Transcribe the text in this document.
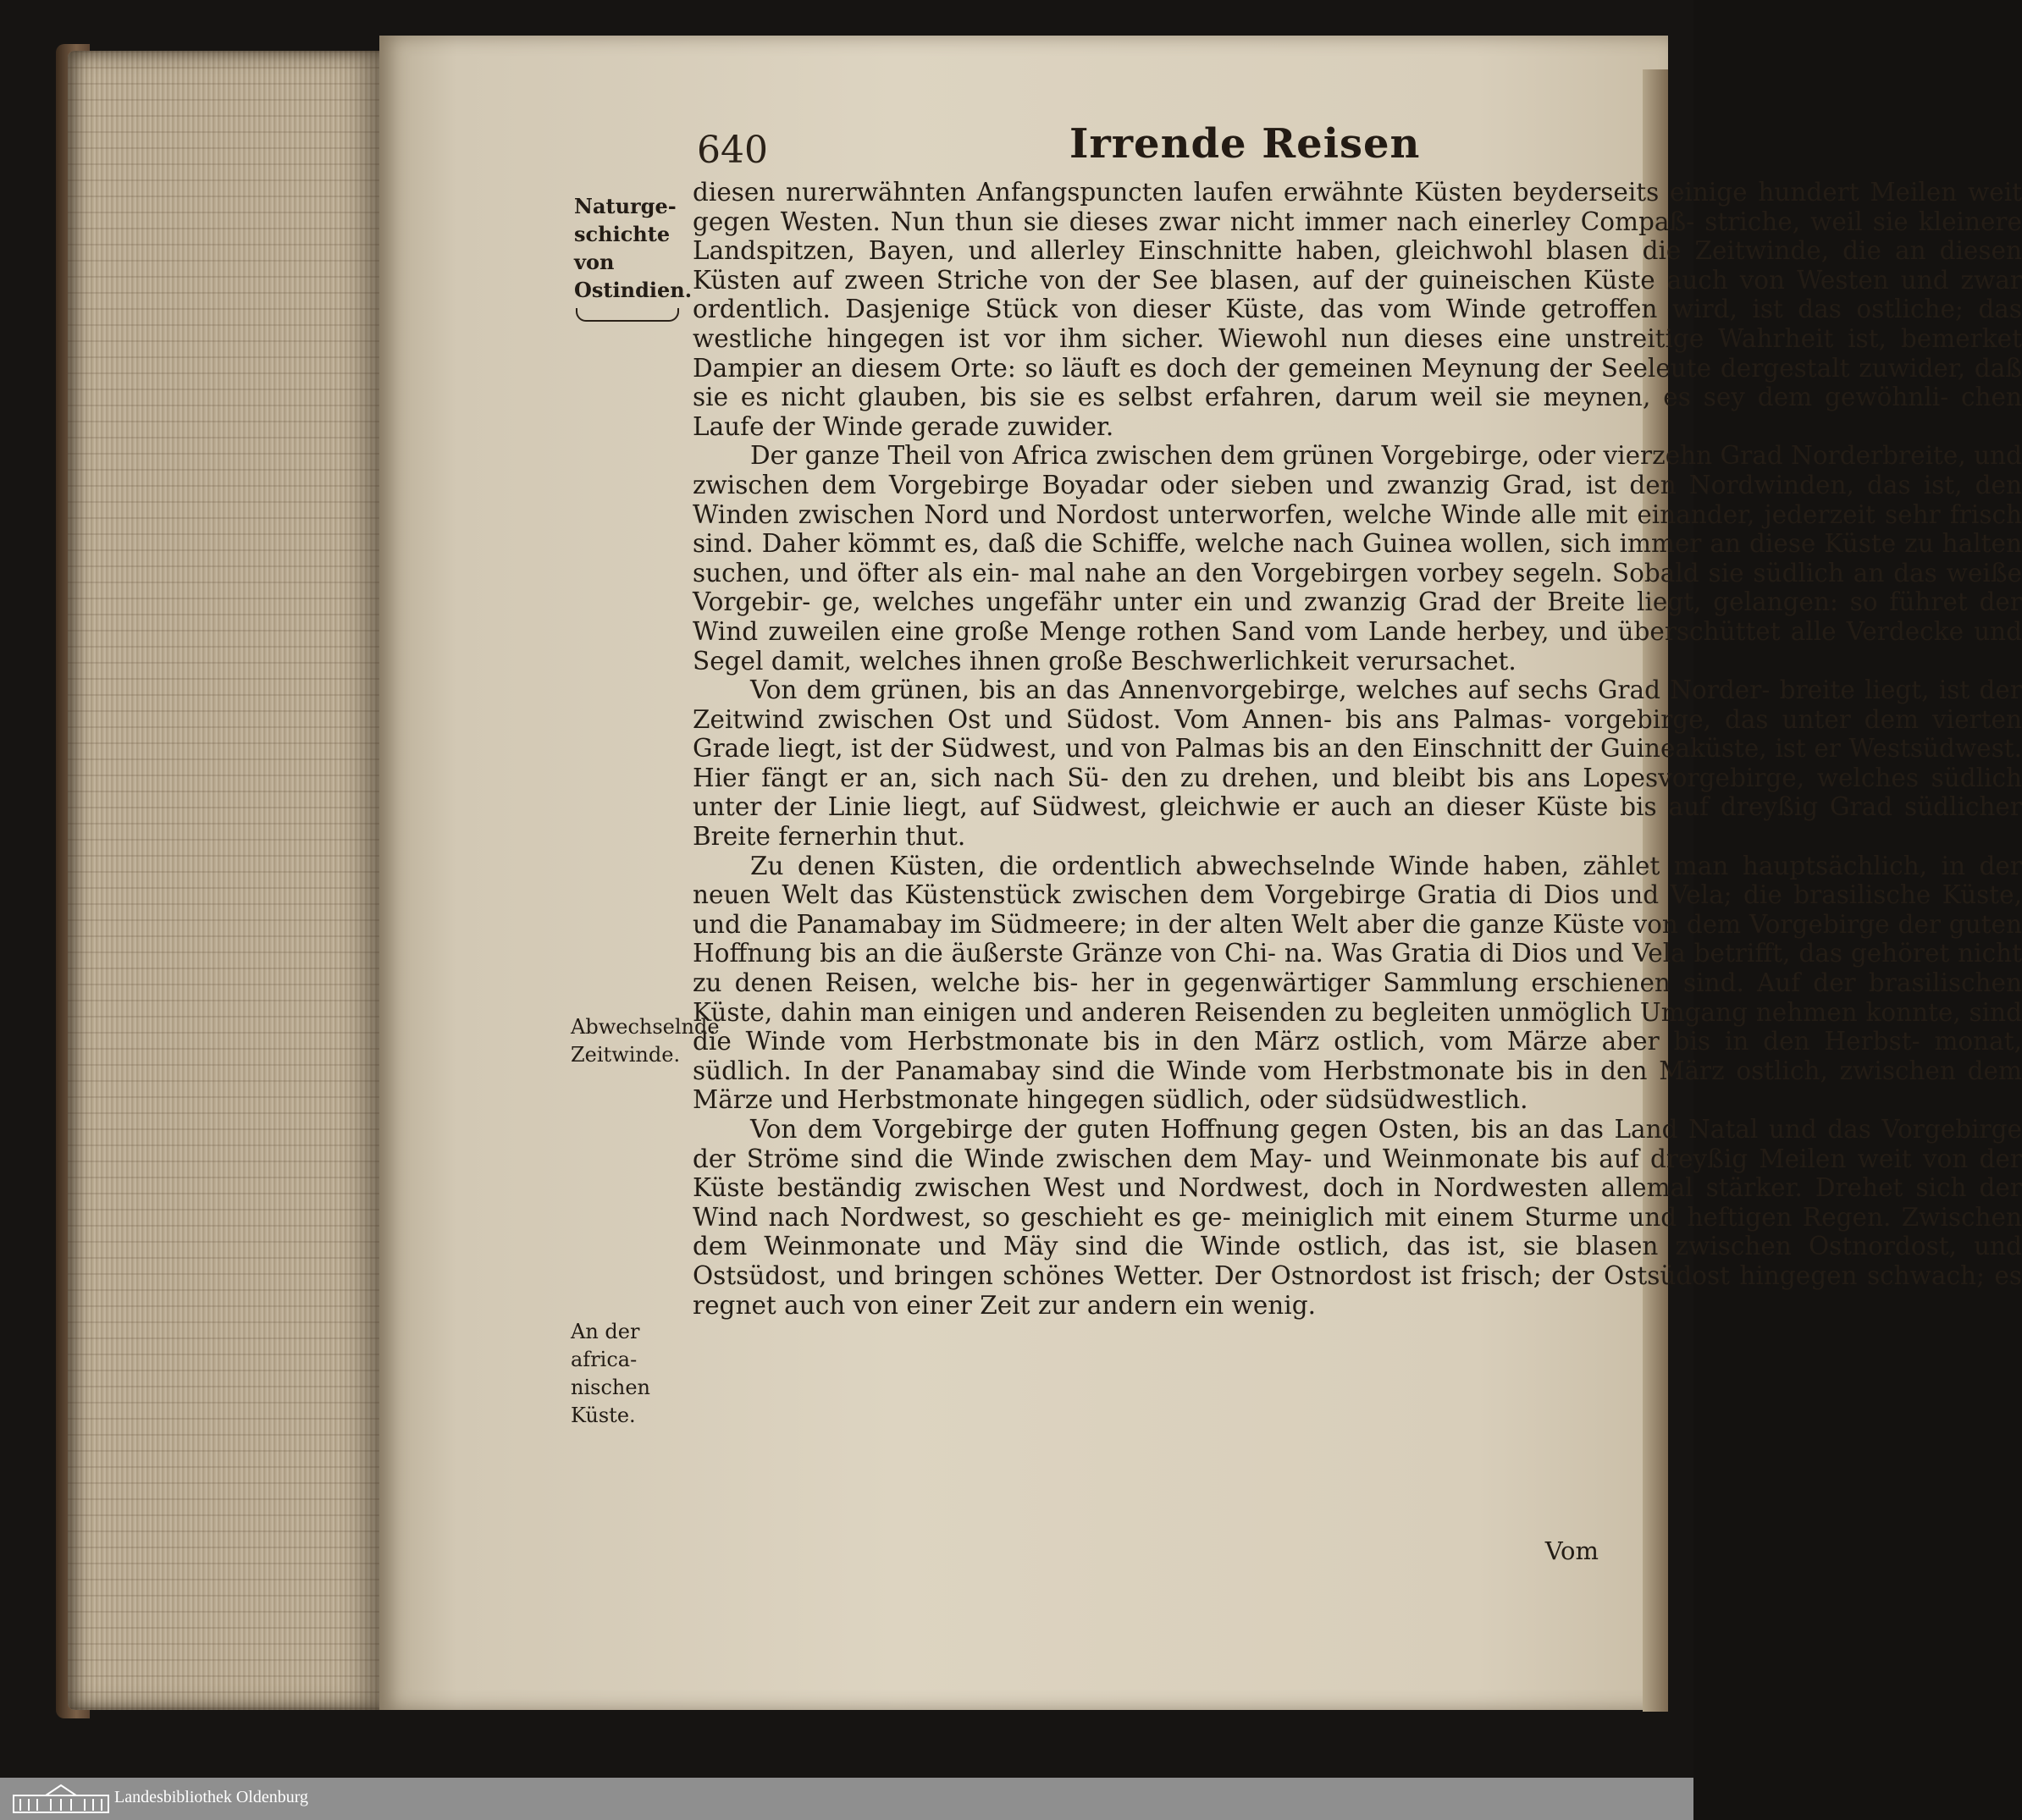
640	Irrende Reisen
Naturge- schichte von Ostindien.
Abwechselnde Zeitwinde.
An der africa- nischen Küste.

diesen nurerwähnten Anfangspuncten laufen erwähnte Küsten beyderseits einige hundert Meilen weit gegen Westen. Nun thun sie dieses zwar nicht immer nach einerley Compaß- striche, weil sie kleinere Landspitzen, Bayen, und allerley Einschnitte haben, gleichwohl blasen die Zeitwinde, die an diesen Küsten auf zween Striche von der See blasen, auf der guineischen Küste auch von Westen und zwar ordentlich. Dasjenige Stück von dieser Küste, das vom Winde getroffen wird, ist das ostliche; das westliche hingegen ist vor ihm sicher. Wiewohl nun dieses eine unstreitige Wahrheit ist, bemerket Dampier an diesem Orte: so läuft es doch der gemeinen Meynung der Seeleute dergestalt zuwider, daß sie es nicht glauben, bis sie es selbst erfahren, darum weil sie meynen, es sey dem gewöhnli- chen Laufe der Winde gerade zuwider.

Der ganze Theil von Africa zwischen dem grünen Vorgebirge, oder vierzehn Grad Norderbreite, und zwischen dem Vorgebirge Boyadar oder sieben und zwanzig Grad, ist den Nordwinden, das ist, den Winden zwischen Nord und Nordost unterworfen, welche Winde alle mit einander, jederzeit sehr frisch sind. Daher kömmt es, daß die Schiffe, welche nach Guinea wollen, sich immer an diese Küste zu halten suchen, und öfter als ein- mal nahe an den Vorgebirgen vorbey segeln. Sobald sie südlich an das weiße Vorgebir- ge, welches ungefähr unter ein und zwanzig Grad der Breite liegt, gelangen: so führet der Wind zuweilen eine große Menge rothen Sand vom Lande herbey, und überschüttet alle Verdecke und Segel damit, welches ihnen große Beschwerlichkeit verursachet.

Von dem grünen, bis an das Annenvorgebirge, welches auf sechs Grad Norder- breite liegt, ist der Zeitwind zwischen Ost und Südost. Vom Annen- bis ans Palmas- vorgebirge, das unter dem vierten Grade liegt, ist der Südwest, und von Palmas bis an den Einschnitt der Guineaküste, ist er Westsüdwest. Hier fängt er an, sich nach Sü- den zu drehen, und bleibt bis ans Lopesvorgebirge, welches südlich unter der Linie liegt, auf Südwest, gleichwie er auch an dieser Küste bis auf dreyßig Grad südlicher Breite fernerhin thut.

Zu denen Küsten, die ordentlich abwechselnde Winde haben, zählet man hauptsächlich, in der neuen Welt das Küstenstück zwischen dem Vorgebirge Gratia di Dios und Vela; die brasilische Küste, und die Panamabay im Südmeere; in der alten Welt aber die ganze Küste von dem Vorgebirge der guten Hoffnung bis an die äußerste Gränze von Chi- na. Was Gratia di Dios und Vela betrifft, das gehöret nicht zu denen Reisen, welche bis- her in gegenwärtiger Sammlung erschienen sind. Auf der brasilischen Küste, dahin man einigen und anderen Reisenden zu begleiten unmöglich Umgang nehmen konnte, sind die Winde vom Herbstmonate bis in den März ostlich, vom Märze aber bis in den Herbst- monat, südlich. In der Panamabay sind die Winde vom Herbstmonate bis in den März ostlich, zwischen dem Märze und Herbstmonate hingegen südlich, oder südsüdwestlich.

Von dem Vorgebirge der guten Hoffnung gegen Osten, bis an das Land Natal und das Vorgebirge der Ströme sind die Winde zwischen dem May- und Weinmonate bis auf dreyßig Meilen weit von der Küste beständig zwischen West und Nordwest, doch in Nordwesten allemal stärker. Drehet sich der Wind nach Nordwest, so geschieht es ge- meiniglich mit einem Sturme und heftigen Regen. Zwischen dem Weinmonate und Mäy sind die Winde ostlich, das ist, sie blasen zwischen Ostnordost, und Ostsüdost, und bringen schönes Wetter. Der Ostnordost ist frisch; der Ostsüdost hingegen schwach; es regnet auch von einer Zeit zur andern ein wenig.

Vom
Landesbibliothek Oldenburg
